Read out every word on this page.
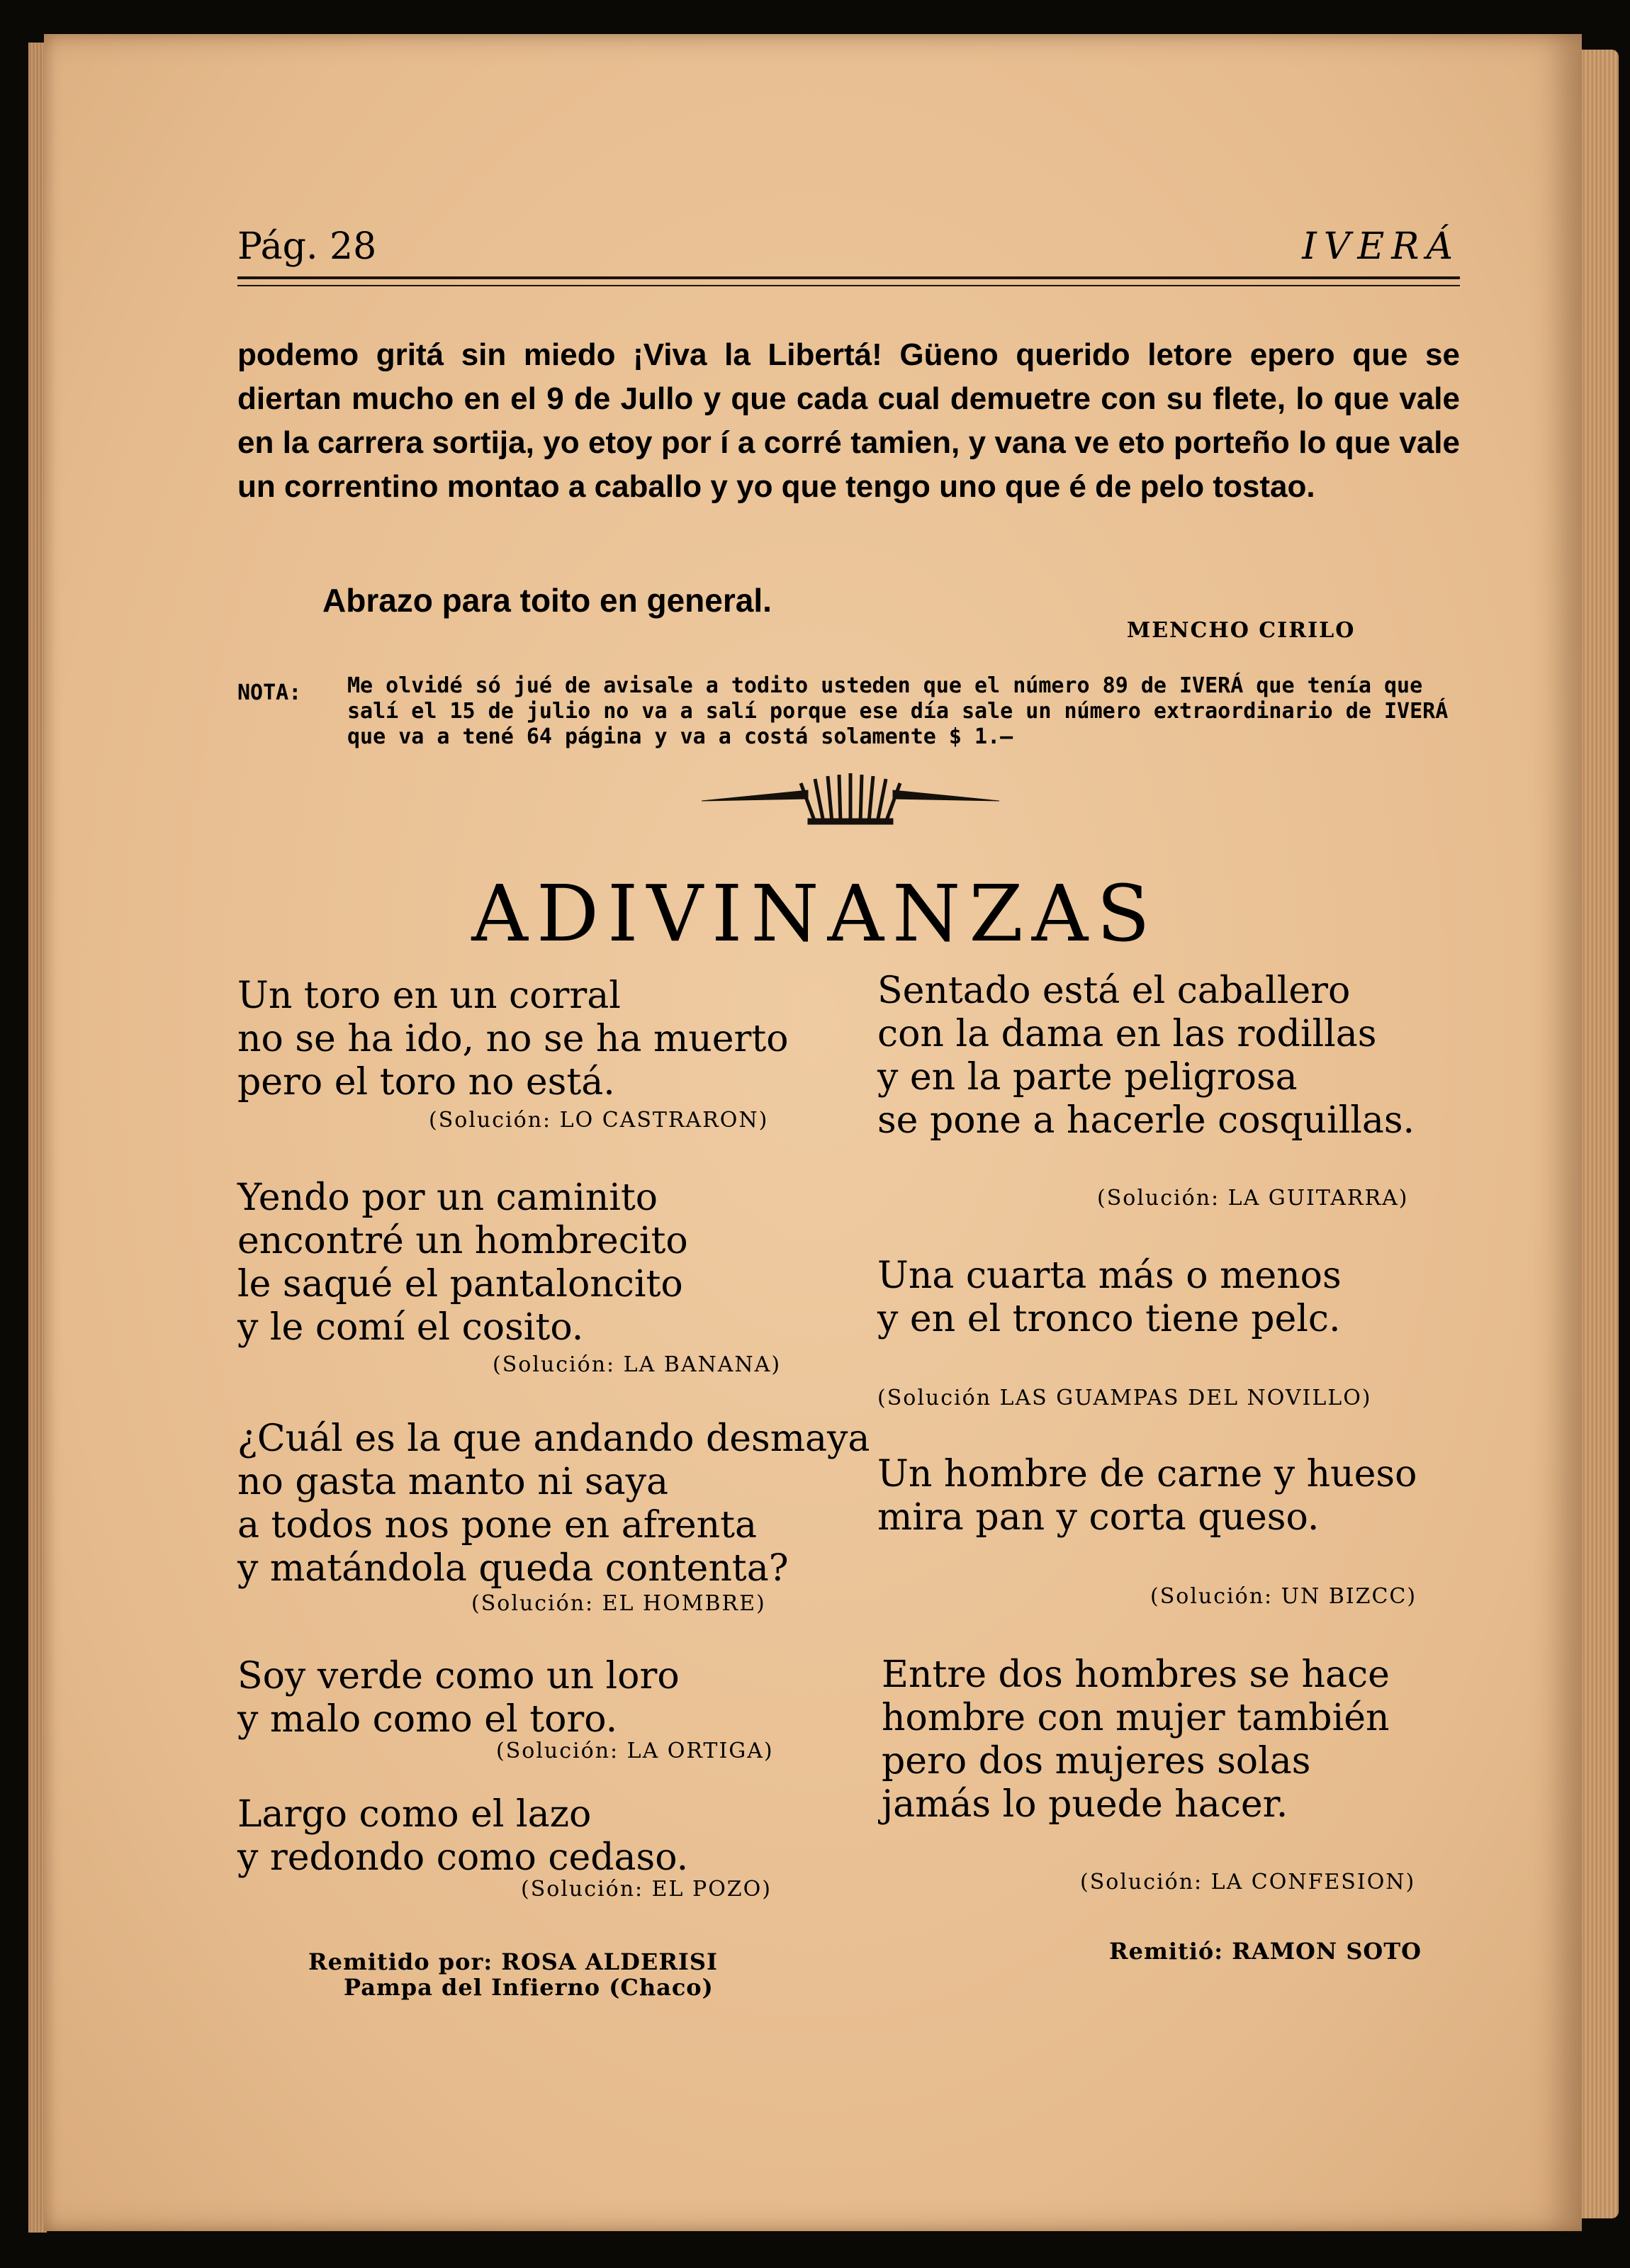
Pág. 28	IVERÁ
podemo gritá sin miedo ¡Viva la Libertá! Güeno querido letore epero que se diertan mucho en el 9 de Jullo y que cada cual demuetre con su flete, lo que vale en la carrera sortija, yo etoy por í a corré tamien, y vana ve eto porteño lo que vale un correntino montao a caballo y yo que tengo uno que é de pelo tostao.
Abrazo para toito en general.
MENCHO CIRILO
NOTA: Me olvidé só jué de avisale a todito usteden que el número 89 de IVERÁ que tenía que salí el 15 de julio no va a salí porque ese día sale un número extraordinario de IVERÁ que va a tené 64 página y va a costá solamente $ 1.—
ADIVINANZAS
Un toro en un corral
no se ha ido, no se ha muerto
pero el toro no está.
(Solución: LO CASTRARON)
Yendo por un caminito
encontré un hombrecito
le saqué el pantaloncito
y le comí el cosito.
(Solución: LA BANANA)
¿Cuál es la que andando desmaya
no gasta manto ni saya
a todos nos pone en afrenta
y matándola queda contenta?
(Solución: EL HOMBRE)
Soy verde como un loro
y malo como el toro.
(Solución: LA ORTIGA)
Largo como el lazo
y redondo como cedaso.
(Solución: EL POZO)
Remitido por: ROSA ALDERISI
Pampa del Infierno (Chaco)
Sentado está el caballero
con la dama en las rodillas
y en la parte peligrosa
se pone a hacerle cosquillas.
(Solución: LA GUITARRA)
Una cuarta más o menos
y en el tronco tiene pelc.
(Solución LAS GUAMPAS DEL NOVILLO)
Un hombre de carne y hueso
mira pan y corta queso.
(Solución: UN BIZCC)
Entre dos hombres se hace
hombre con mujer también
pero dos mujeres solas
jamás lo puede hacer.
(Solución: LA CONFESION)
Remitió: RAMON SOTO
